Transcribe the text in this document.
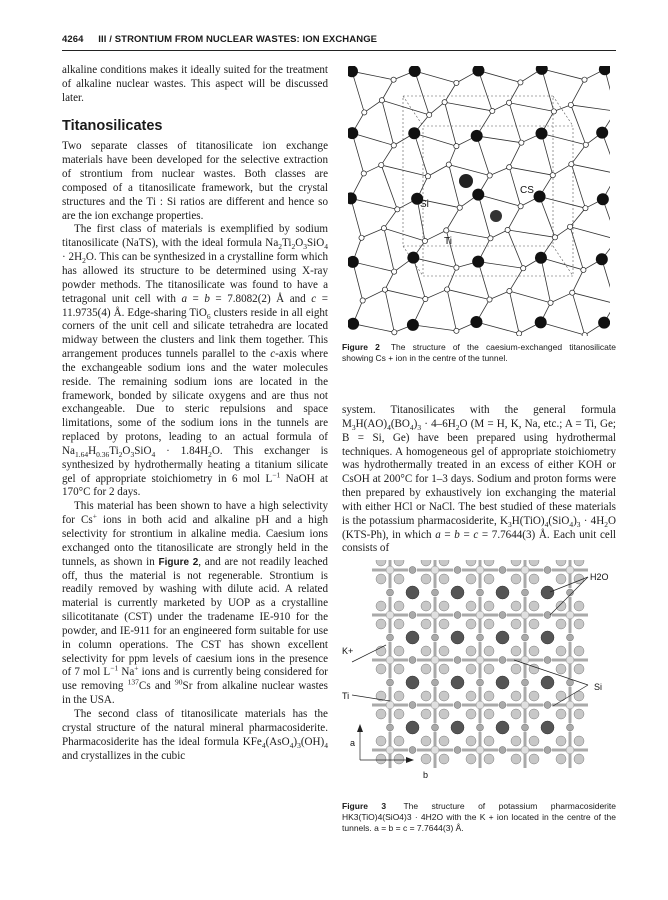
4264 III / STRONTIUM FROM NUCLEAR WASTES: ION EXCHANGE

alkaline conditions makes it ideally suited for the treatment of alkaline nuclear wastes. This aspect will be discussed later.

Titanosilicates

Two separate classes of titanosilicate ion exchange materials have been developed for the selective extraction of strontium from nuclear wastes. Both classes are composed of a titanosilicate framework, but the crystal structures and the Ti : Si ratios are different and hence so are the ion exchange properties.

The first class of materials is exemplified by sodium titanosilicate (NaTS), with the ideal formula $Na_2Ti_2O_3SiO_4 \cdot 2H_2O$. This can be synthesized in a crystalline form which has allowed its structure to be determined using X-ray powder methods. The titanosilicate was found to have a tetragonal unit cell with a = b = 7.8082(2) Å and c = 11.9735(4) Å. Edge-sharing TiO$_6$ clusters reside in all eight corners of the unit cell and silicate tetrahedra are located midway between the clusters and link them together. This arrangement produces tunnels parallel to the c-axis where the exchangeable sodium ions and the water molecules reside. The remaining sodium ions are located in the framework, bonded by silicate oxygens and are thus not exchangeable. Due to steric repulsions and space limitations, some of the sodium ions in the tunnels are replaced by protons, leading to an actual formula of $Na_{1.64}H_{0.36}Ti_2O_3SiO_4 \cdot 1.84H_2O$. This exchanger is synthesized by hydrothermally heating a titanium silicate gel of appropriate stoichiometry in 6 mol $L^{-1}$ NaOH at 170°C for 2 days.

This material has been shown to have a high selectivity for Cs+ ions in both acid and alkaline pH and a high selectivity for strontium in alkaline media. Caesium ions exchanged onto the titanosilicate are strongly held in the tunnels, as shown in Figure 2, and are not readily leached off, thus the material is not regenerable. Strontium is readily removed by washing with dilute acid. A related material is currently marketed by UOP as a crystalline silicotitanate (CST) under the tradename IE-910 for the powder, and IE-911 for an engineered form suitable for use in column operations. The CST has shown excellent selectivity for ppm levels of caesium ions in the presence of 7 mol $L^{-1}$ Na+ ions and is currently being considered for use removing $^{137}$Cs and $^{90}$Sr from alkaline nuclear wastes in the USA.

The second class of titanosilicate materials has the crystal structure of the natural mineral pharmacosiderite. Pharmacosiderite has the ideal formula $KFe_4(AsO_4)_3(OH)_4$ and crystallizes in the cubic

CS
Si
Ti
Figure 2 The structure of the caesium-exchanged titanosilicate showing Cs + ion in the centre of the tunnel.

system. Titanosilicates with the general formula $M_3H(AO)_4(BO_4)_3 \cdot 4-6H_2O$ (M = H, K, Na, etc.; A = Ti, Ge; B = Si, Ge) have been prepared using hydrothermal techniques. A homogeneous gel of appropriate stoichiometry was hydrothermally treated in an excess of either KOH or CsOH at 200°C for 1–3 days. Sodium and proton forms were then prepared by exhaustively ion exchanging the material with either HCl or NaCl. The best studied of these materials is the potassium pharmacosiderite, $K_3H(TiO)_4(SiO_4)_3 \cdot 4H_2O$ (KTS-Ph), in which a = b = c = 7.7644(3) Å. Each unit cell consists of

H2O
K+
Si
Ti
a
b
Figure 3 The structure of potassium pharmacosiderite HK3(TiO)4(SiO4)3 · 4H2O with the K + ion located in the centre of the tunnels. a = b = c = 7.7644(3) Å.
